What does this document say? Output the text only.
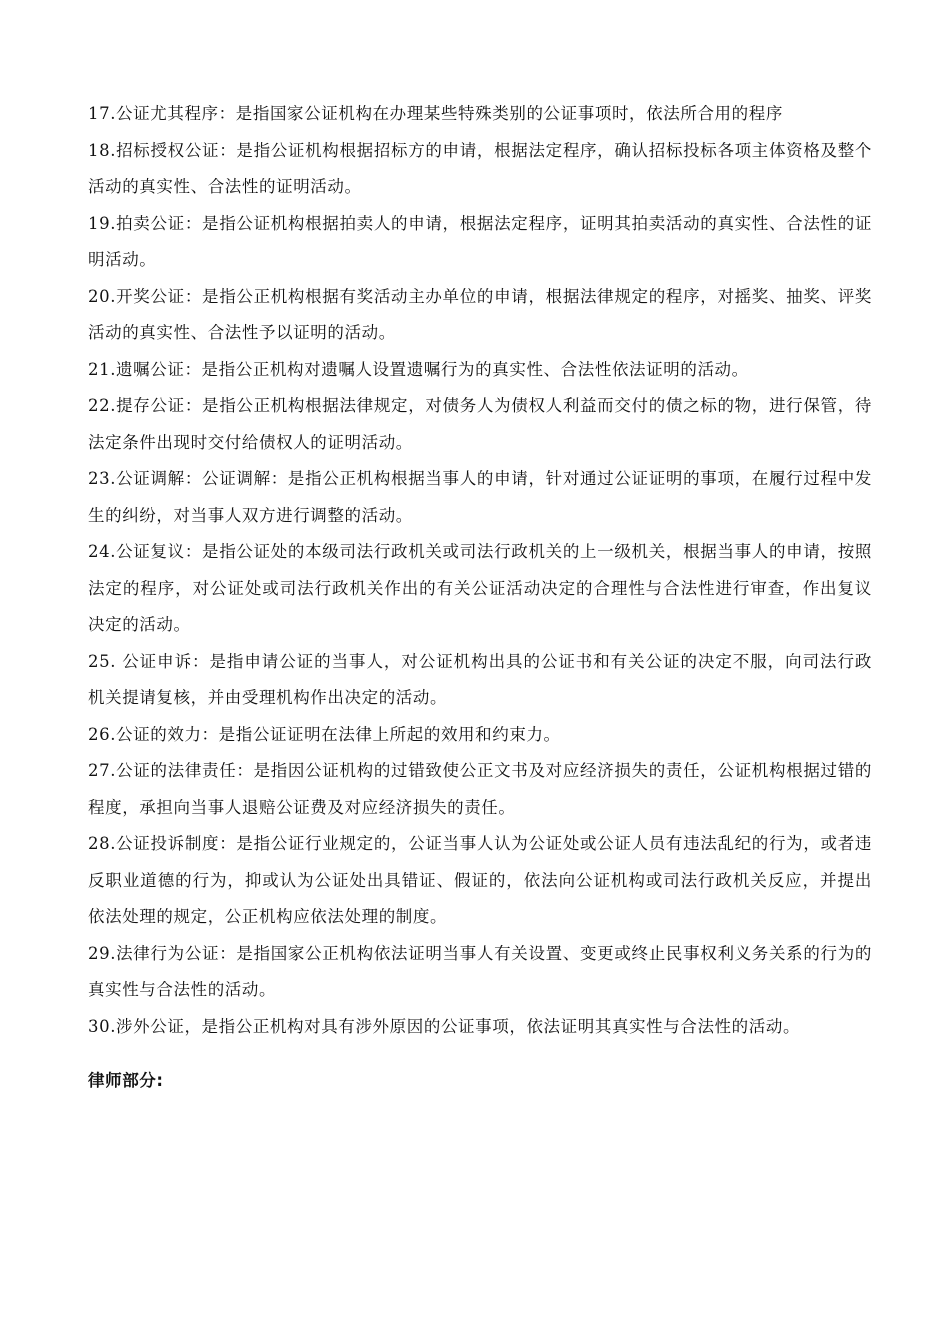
17.公证尤其程序：是指国家公证机构在办理某些特殊类别的公证事项时，依法所合用的程序

18.招标授权公证：是指公证机构根据招标方的申请，根据法定程序，确认招标投标各项主体资格及整个活动的真实性、合法性的证明活动。

19.拍卖公证：是指公证机构根据拍卖人的申请，根据法定程序，证明其拍卖活动的真实性、合法性的证明活动。

20.开奖公证：是指公正机构根据有奖活动主办单位的申请，根据法律规定的程序，对摇奖、抽奖、评奖活动的真实性、合法性予以证明的活动。

21.遗嘱公证：是指公正机构对遗嘱人设置遗嘱行为的真实性、合法性依法证明的活动。

22.提存公证：是指公正机构根据法律规定，对债务人为债权人利益而交付的债之标的物，进行保管，待法定条件出现时交付给债权人的证明活动。

23.公证调解：公证调解：是指公正机构根据当事人的申请，针对通过公证证明的事项，在履行过程中发生的纠纷，对当事人双方进行调整的活动。

24.公证复议：是指公证处的本级司法行政机关或司法行政机关的上一级机关，根据当事人的申请，按照法定的程序，对公证处或司法行政机关作出的有关公证活动决定的合理性与合法性进行审查，作出复议决定的活动。

25. 公证申诉：是指申请公证的当事人，对公证机构出具的公证书和有关公证的决定不服，向司法行政机关提请复核，并由受理机构作出决定的活动。

26.公证的效力：是指公证证明在法律上所起的效用和约束力。

27.公证的法律责任：是指因公证机构的过错致使公正文书及对应经济损失的责任，公证机构根据过错的程度，承担向当事人退赔公证费及对应经济损失的责任。

28.公证投诉制度：是指公证行业规定的，公证当事人认为公证处或公证人员有违法乱纪的行为，或者违反职业道德的行为，抑或认为公证处出具错证、假证的，依法向公证机构或司法行政机关反应，并提出依法处理的规定，公正机构应依法处理的制度。

29.法律行为公证：是指国家公正机构依法证明当事人有关设置、变更或终止民事权利义务关系的行为的真实性与合法性的活动。

30.涉外公证，是指公正机构对具有涉外原因的公证事项，依法证明其真实性与合法性的活动。

律师部分:
